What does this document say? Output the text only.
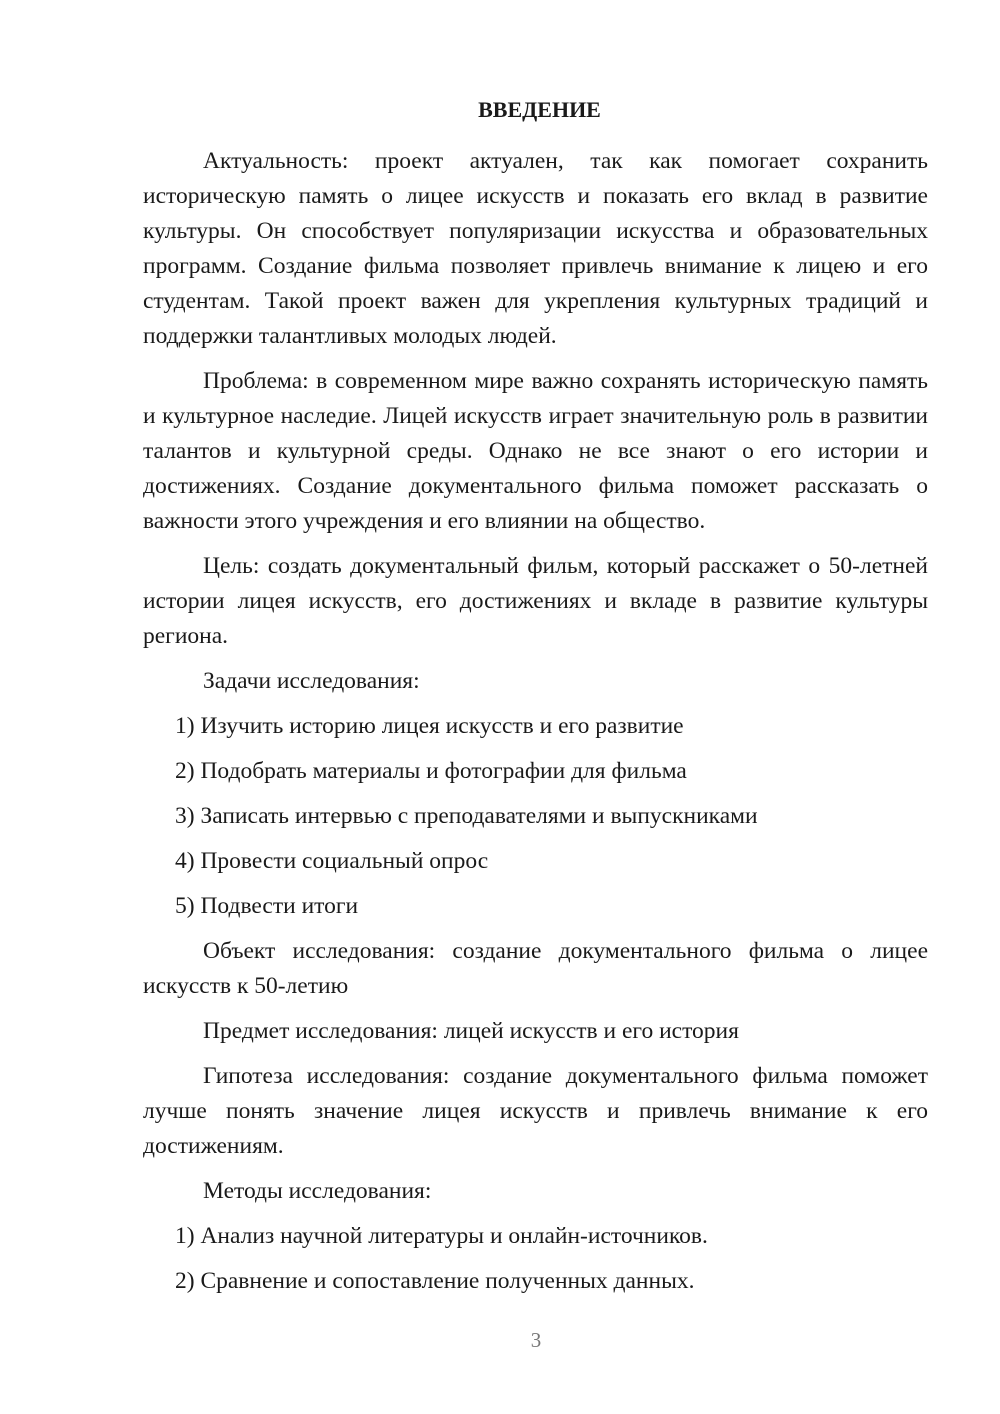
ВВЕДЕНИЕ

Актуальность: проект актуален, так как помогает сохранить историческую память о лицее искусств и показать его вклад в развитие культуры. Он способствует популяризации искусства и образовательных программ. Создание фильма позволяет привлечь внимание к лицею и его студентам. Такой проект важен для укрепления культурных традиций и поддержки талантливых молодых людей.

Проблема: в современном мире важно сохранять историческую память и культурное наследие. Лицей искусств играет значительную роль в развитии талантов и культурной среды. Однако не все знают о его истории и достижениях. Создание документального фильма поможет рассказать о важности этого учреждения и его влиянии на общество.

Цель: создать документальный фильм, который расскажет о 50-летней истории лицея искусств, его достижениях и вкладе в развитие культуры региона.

Задачи исследования:

1) Изучить историю лицея искусств и его развитие

2) Подобрать материалы и фотографии для фильма

3) Записать интервью с преподавателями и выпускниками

4) Провести социальный опрос

5) Подвести итоги

Объект исследования: создание документального фильма о лицее искусств к 50-летию

Предмет исследования: лицей искусств и его история

Гипотеза исследования: создание документального фильма поможет лучше понять значение лицея искусств и привлечь внимание к его достижениям.

Методы исследования:

1) Анализ научной литературы и онлайн-источников.

2) Сравнение и сопоставление полученных данных.

3
